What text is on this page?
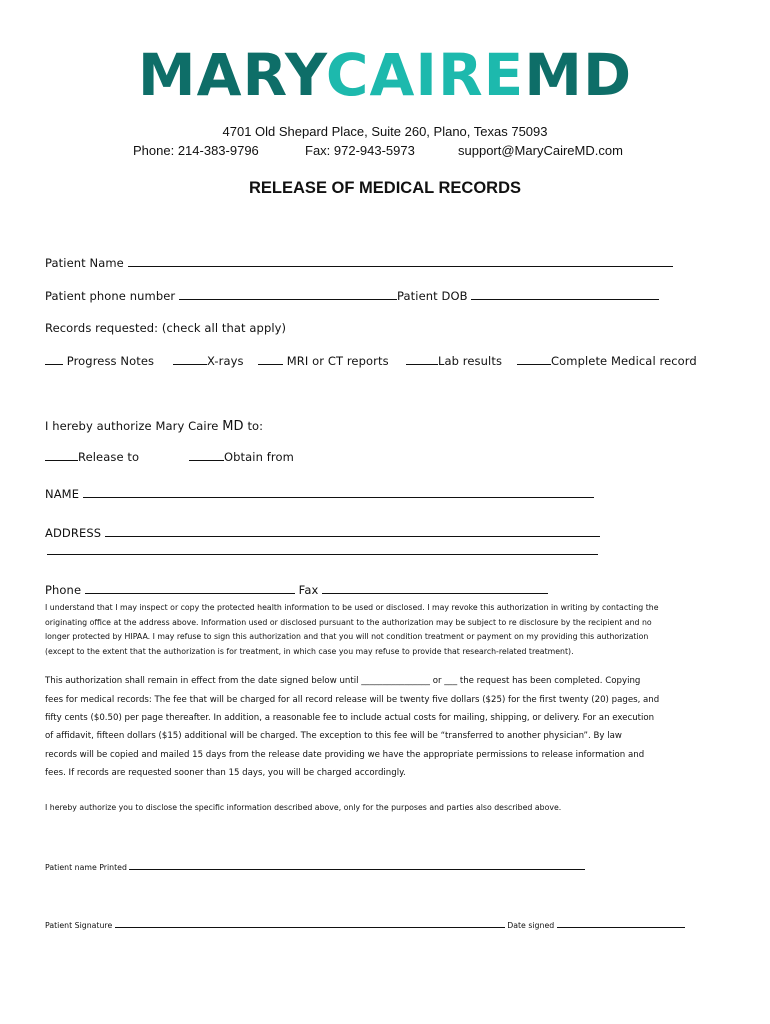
MARYCAIREMD
4701 Old Shepard Place, Suite 260, Plano, Texas 75093
Phone: 214-383-9796	Fax: 972-943-5973	support@MaryCaireMD.com
RELEASE OF MEDICAL RECORDS
Patient Name
Patient phone number	Patient DOB
Records requested: (check all that apply)
Progress Notes	X-rays	MRI or CT reports	Lab results	Complete Medical record
I hereby authorize Mary Caire MD to:
Release to	Obtain from
NAME
ADDRESS
Phone	Fax
I understand that I may inspect or copy the protected health information to be used or disclosed. I may revoke this authorization in writing by contacting the
originating office at the address above. Information used or disclosed pursuant to the authorization may be subject to re disclosure by the recipient and no
longer protected by HIPAA. I may refuse to sign this authorization and that you will not condition treatment or payment on my providing this authorization
(except to the extent that the authorization is for treatment, in which case you may refuse to provide that research-related treatment).
This authorization shall remain in effect from the date signed below until ________________ or ___ the request has been completed. Copying
fees for medical records: The fee that will be charged for all record release will be twenty five dollars ($25) for the first twenty (20) pages, and
fifty cents ($0.50) per page thereafter. In addition, a reasonable fee to include actual costs for mailing, shipping, or delivery. For an execution
of affidavit, fifteen dollars ($15) additional will be charged. The exception to this fee will be “transferred to another physician”. By law
records will be copied and mailed 15 days from the release date providing we have the appropriate permissions to release information and
fees. If records are requested sooner than 15 days, you will be charged accordingly.
I hereby authorize you to disclose the specific information described above, only for the purposes and parties also described above.
Patient name Printed
Patient Signature	Date signed
